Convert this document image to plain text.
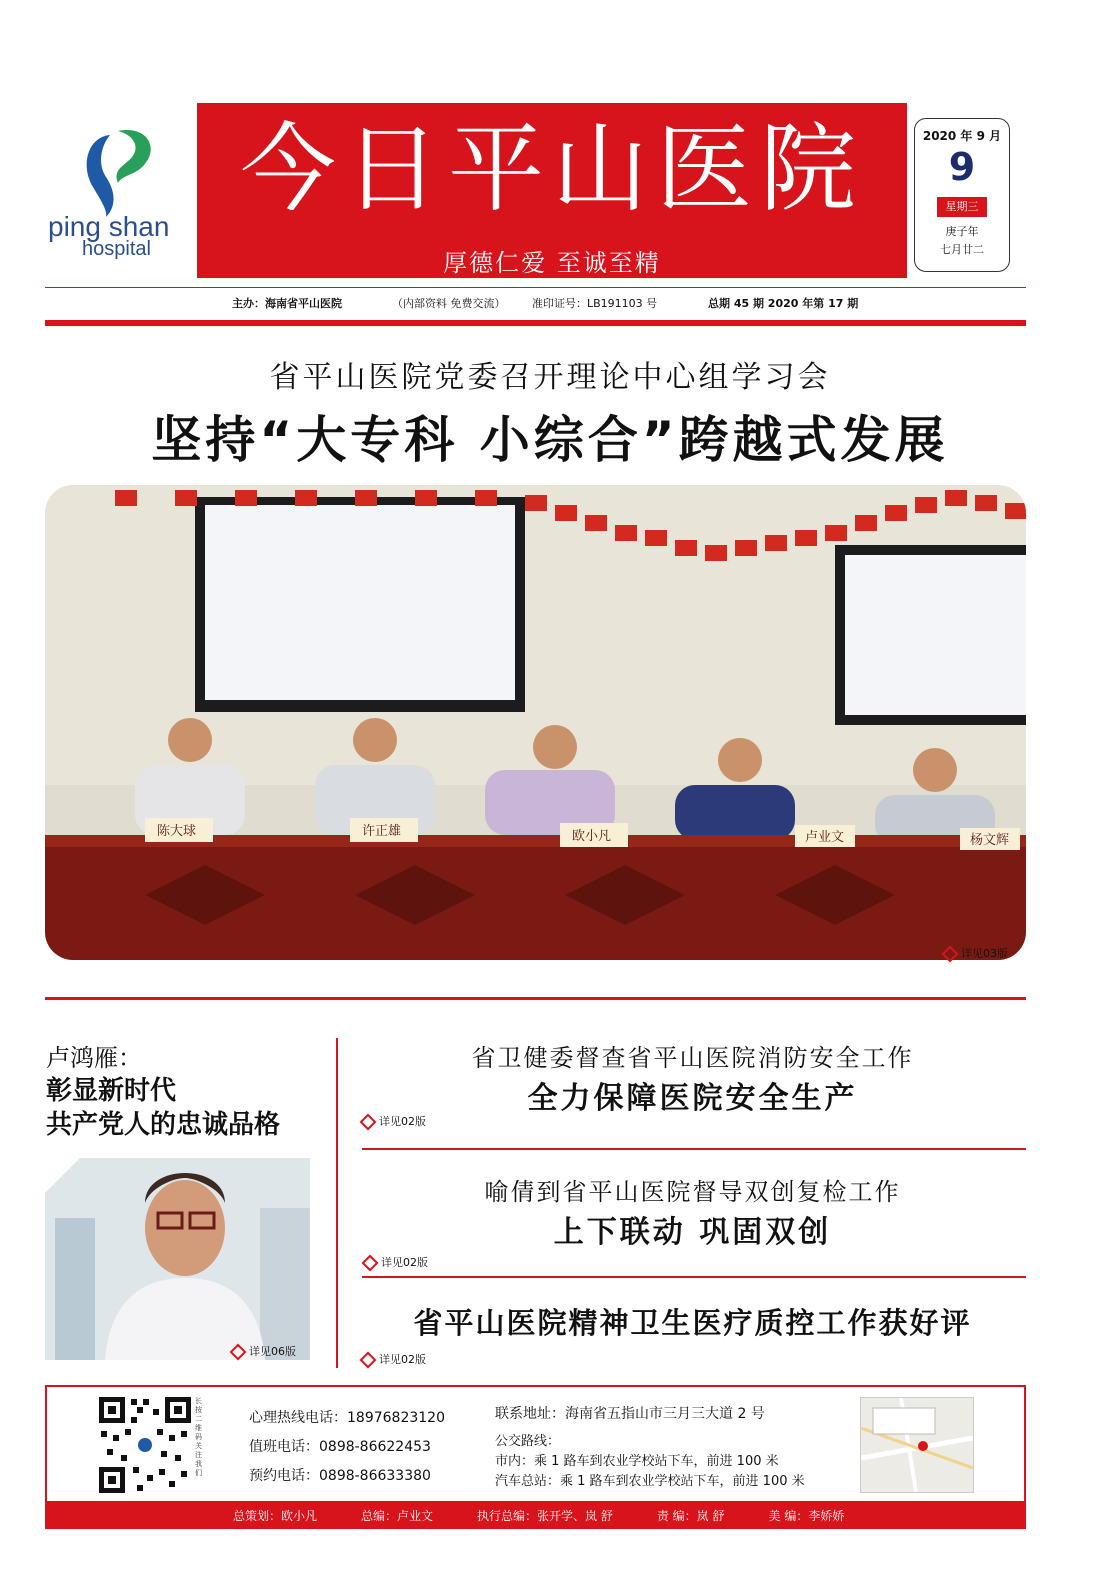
ping shan
hospital
今日平山医院
厚德仁爱 至诚至精
2020 年 9 月
9
星期三
庚子年
七月廿二
主办：海南省平山医院	（内部资料 免费交流） 准印证号：LB191103 号	总期 45 期 2020 年第 17 期
省平山医院党委召开理论中心组学习会
坚持“大专科 小综合”跨越式发展
陈大球	许正雄	欧小凡	卢业文	杨文辉
详见03版
卢鸿雁：
彰显新时代
共产党人的忠诚品格
详见06版
省卫健委督查省平山医院消防安全工作
全力保障医院安全生产
详见02版
喻倩到省平山医院督导双创复检工作
上下联动 巩固双创
详见02版
省平山医院精神卫生医疗质控工作获好评
详见02版
长按二维码关注我们
心理热线电话：18976823120
值班电话：0898-86622453
预约电话：0898-86633380
联系地址：海南省五指山市三月三大道 2 号
公交路线：
市内：乘 1 路车到农业学校站下车，前进 100 米
汽车总站：乘 1 路车到农业学校站下车，前进 100 米
总策划：欧小凡	总编：卢业文	执行总编：张开学、岚 舒	责 编：岚 舒	美 编：李娇娇
